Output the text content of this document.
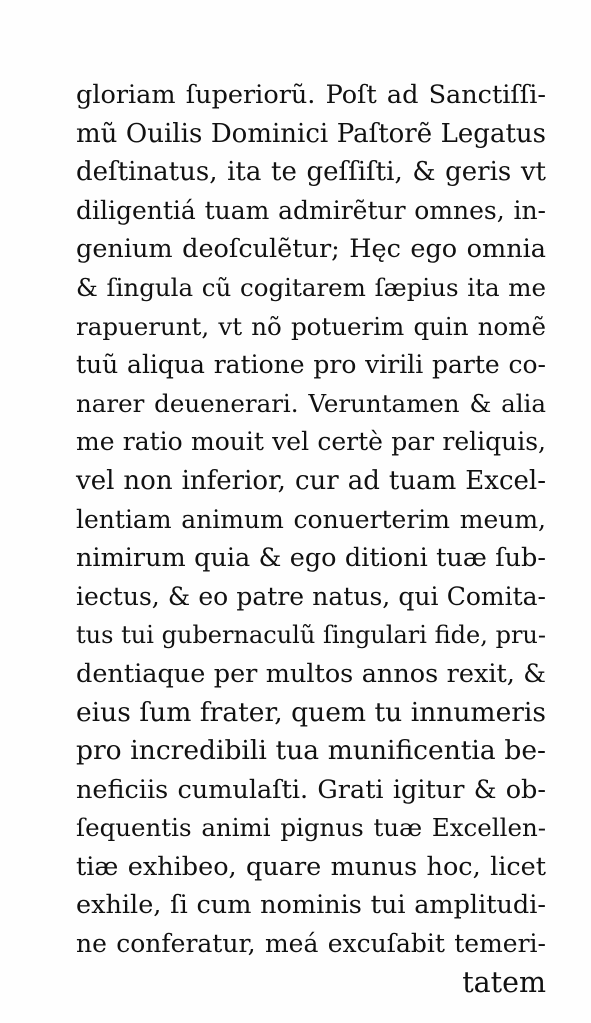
gloriam ſuperiorũ. Poſt ad Sanctiſſi-
mũ Ouilis Dominici Paſtorẽ Legatus
deſtinatus, ita te geſſiſti, & geris vt
diligentiá tuam admirẽtur omnes, in-
genium deoſculẽtur; Hęc ego omnia
& ſingula cũ cogitarem ſæpius ita me
rapuerunt, vt nõ potuerim quin nomẽ
tuũ aliqua ratione pro virili parte co-
narer deuenerari. Veruntamen & alia
me ratio mouit vel certè par reliquis,
vel non inferior, cur ad tuam Excel-
lentiam animum conuerterim meum,
nimirum quia & ego ditioni tuæ ſub-
iectus, & eo patre natus, qui Comita-
tus tui gubernaculũ ſingulari fide, pru-
dentiaque per multos annos rexit, &
eius ſum frater, quem tu innumeris
pro incredibili tua munificentia be-
neficiis cumulaſti. Grati igitur & ob-
ſequentis animi pignus tuæ Excellen-
tiæ exhibeo, quare munus hoc, licet
exhile, ſi cum nominis tui amplitudi-
ne conferatur, meá excuſabit temeri-
tatem
